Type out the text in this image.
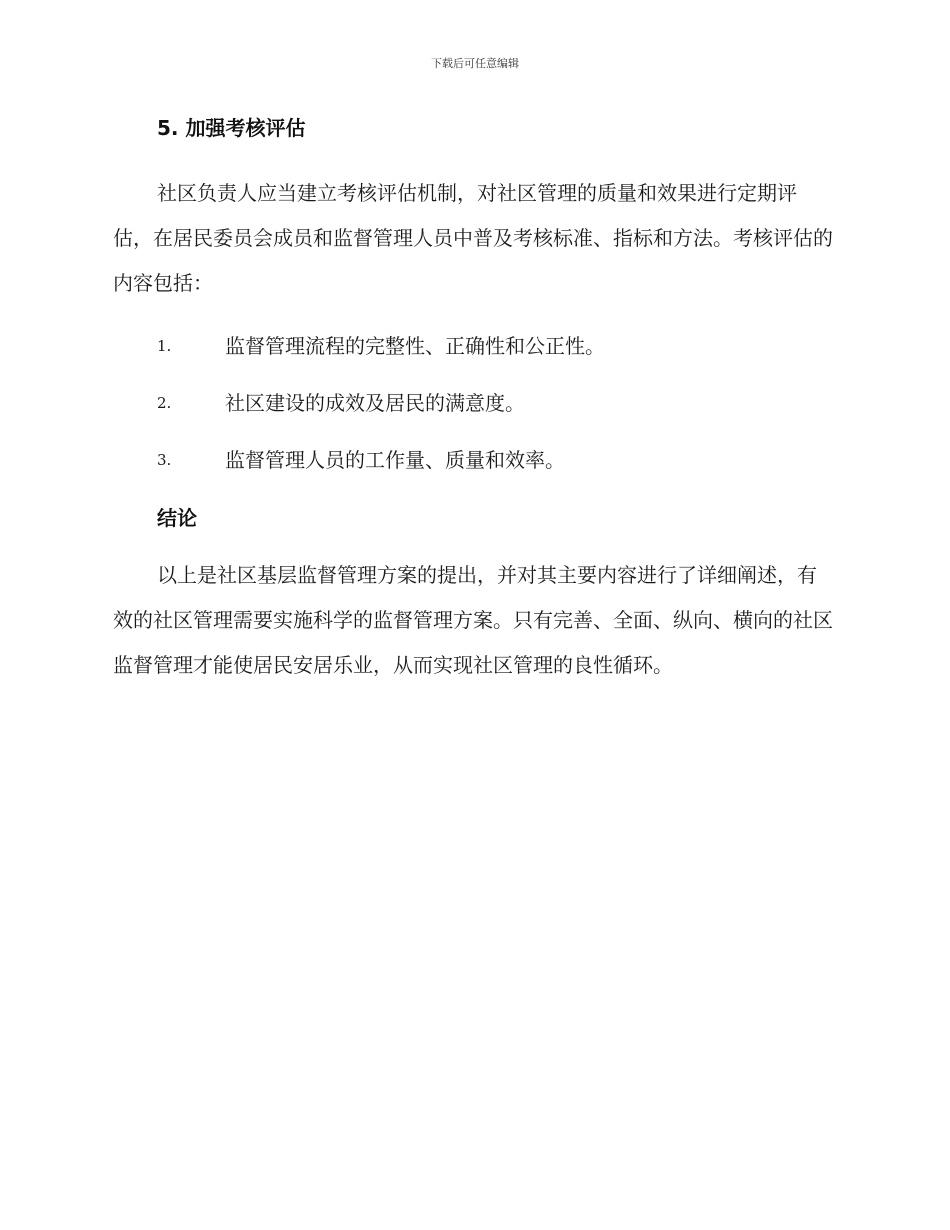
下载后可任意编辑
5. 加强考核评估

社区负责人应当建立考核评估机制，对社区管理的质量和效果进行定期评估，在居民委员会成员和监督管理人员中普及考核标准、指标和方法。考核评估的内容包括：

1.	监督管理流程的完整性、正确性和公正性。
2.	社区建设的成效及居民的满意度。
3.	监督管理人员的工作量、质量和效率。
结论

以上是社区基层监督管理方案的提出，并对其主要内容进行了详细阐述，有效的社区管理需要实施科学的监督管理方案。只有完善、全面、纵向、横向的社区监督管理才能使居民安居乐业，从而实现社区管理的良性循环。
